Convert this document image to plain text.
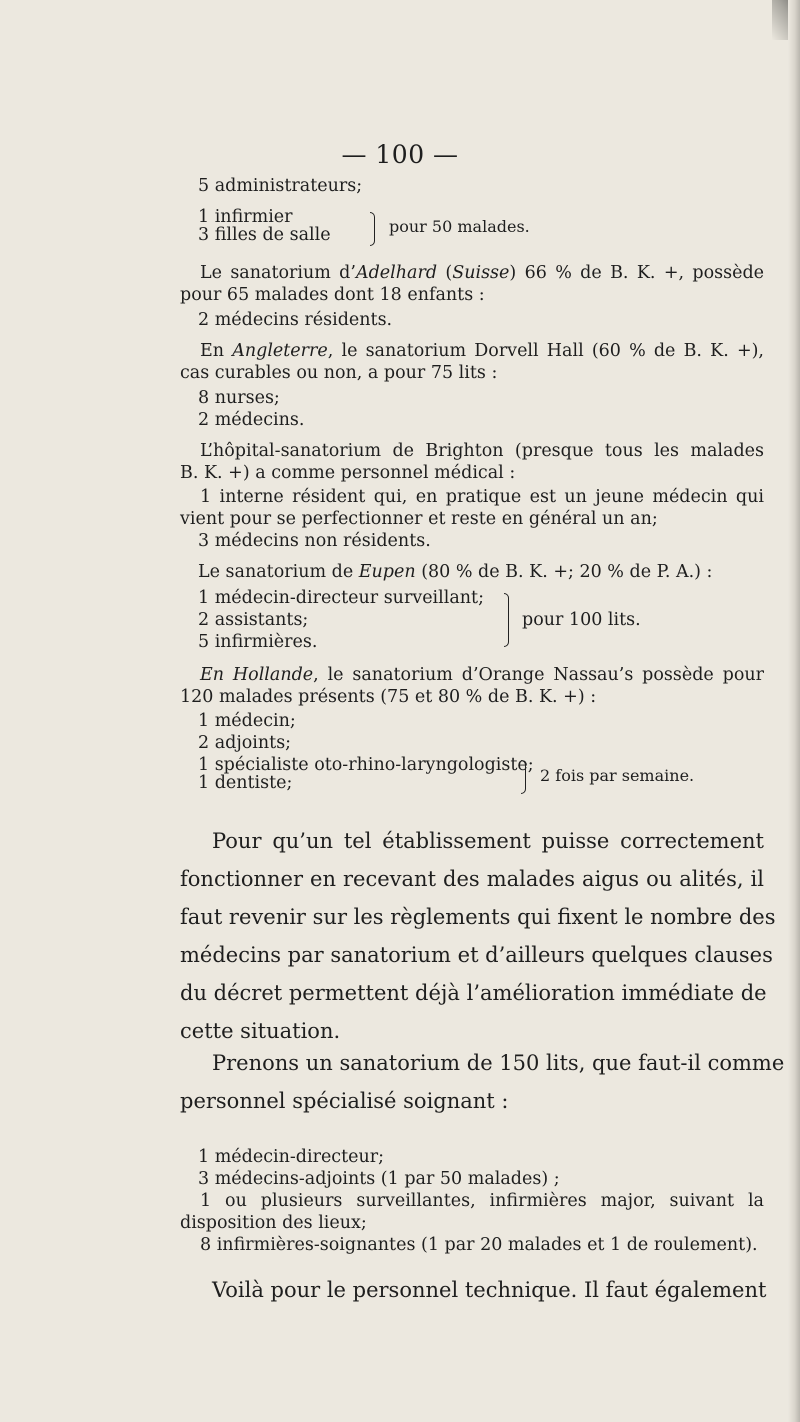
— 100 —
5 administrateurs;
1 infirmier
3 filles de salle	pour 50 malades.
Le sanatorium d’Adelhard (Suisse) 66 % de B. K. +, possède
pour 65 malades dont 18 enfants :
2 médecins résidents.
En Angleterre, le sanatorium Dorvell Hall (60 % de B. K. +),
cas curables ou non, a pour 75 lits :
8 nurses;
2 médecins.
L’hôpital-sanatorium de Brighton (presque tous les malades
B. K. +) a comme personnel médical :
1 interne résident qui, en pratique est un jeune médecin qui
vient pour se perfectionner et reste en général un an;
3 médecins non résidents.
Le sanatorium de Eupen (80 % de B. K. +; 20 % de P. A.) :
1 médecin-directeur surveillant;
2 assistants;
5 infirmières.
pour 100 lits.
En Hollande, le sanatorium d’Orange Nassau’s possède pour
120 malades présents (75 et 80 % de B. K. +) :
1 médecin;
2 adjoints;
1 spécialiste oto-rhino-laryngologiste;
1 dentiste;	2 fois par semaine.
Pour qu’un tel établissement puisse correctement
fonctionner en recevant des malades aigus ou alités, il
faut revenir sur les règlements qui fixent le nombre des
médecins par sanatorium et d’ailleurs quelques clauses
du décret permettent déjà l’amélioration immédiate de
cette situation.
Prenons un sanatorium de 150 lits, que faut-il comme
personnel spécialisé soignant :
1 médecin-directeur;
3 médecins-adjoints (1 par 50 malades) ;
1 ou plusieurs surveillantes, infirmières major, suivant la
disposition des lieux;
8 infirmières-soignantes (1 par 20 malades et 1 de roulement).
Voilà pour le personnel technique. Il faut également
